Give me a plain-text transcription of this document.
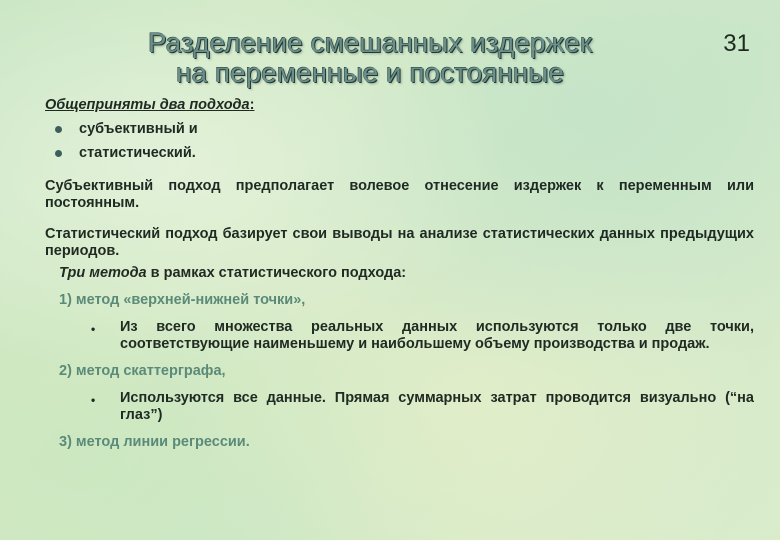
31
Разделение смешанных издержек
на переменные и постоянные
Общеприняты два подхода:
субъективный и
статистический.

Субъективный подход предполагает волевое отнесение издержек к переменным или постоянным.

Статистический подход базирует свои выводы на анализе статистических данных предыдущих периодов.

Три метода в рамках статистического подхода:
1) метод «верхней-нижней точки»,
• Из всего множества реальных данных используются только две точки, соответствующие наименьшему и наибольшему объему производства и продаж.
2) метод скаттерграфа,
• Используются все данные. Прямая суммарных затрат проводится визуально (“на глаз”)
3) метод линии регрессии.
